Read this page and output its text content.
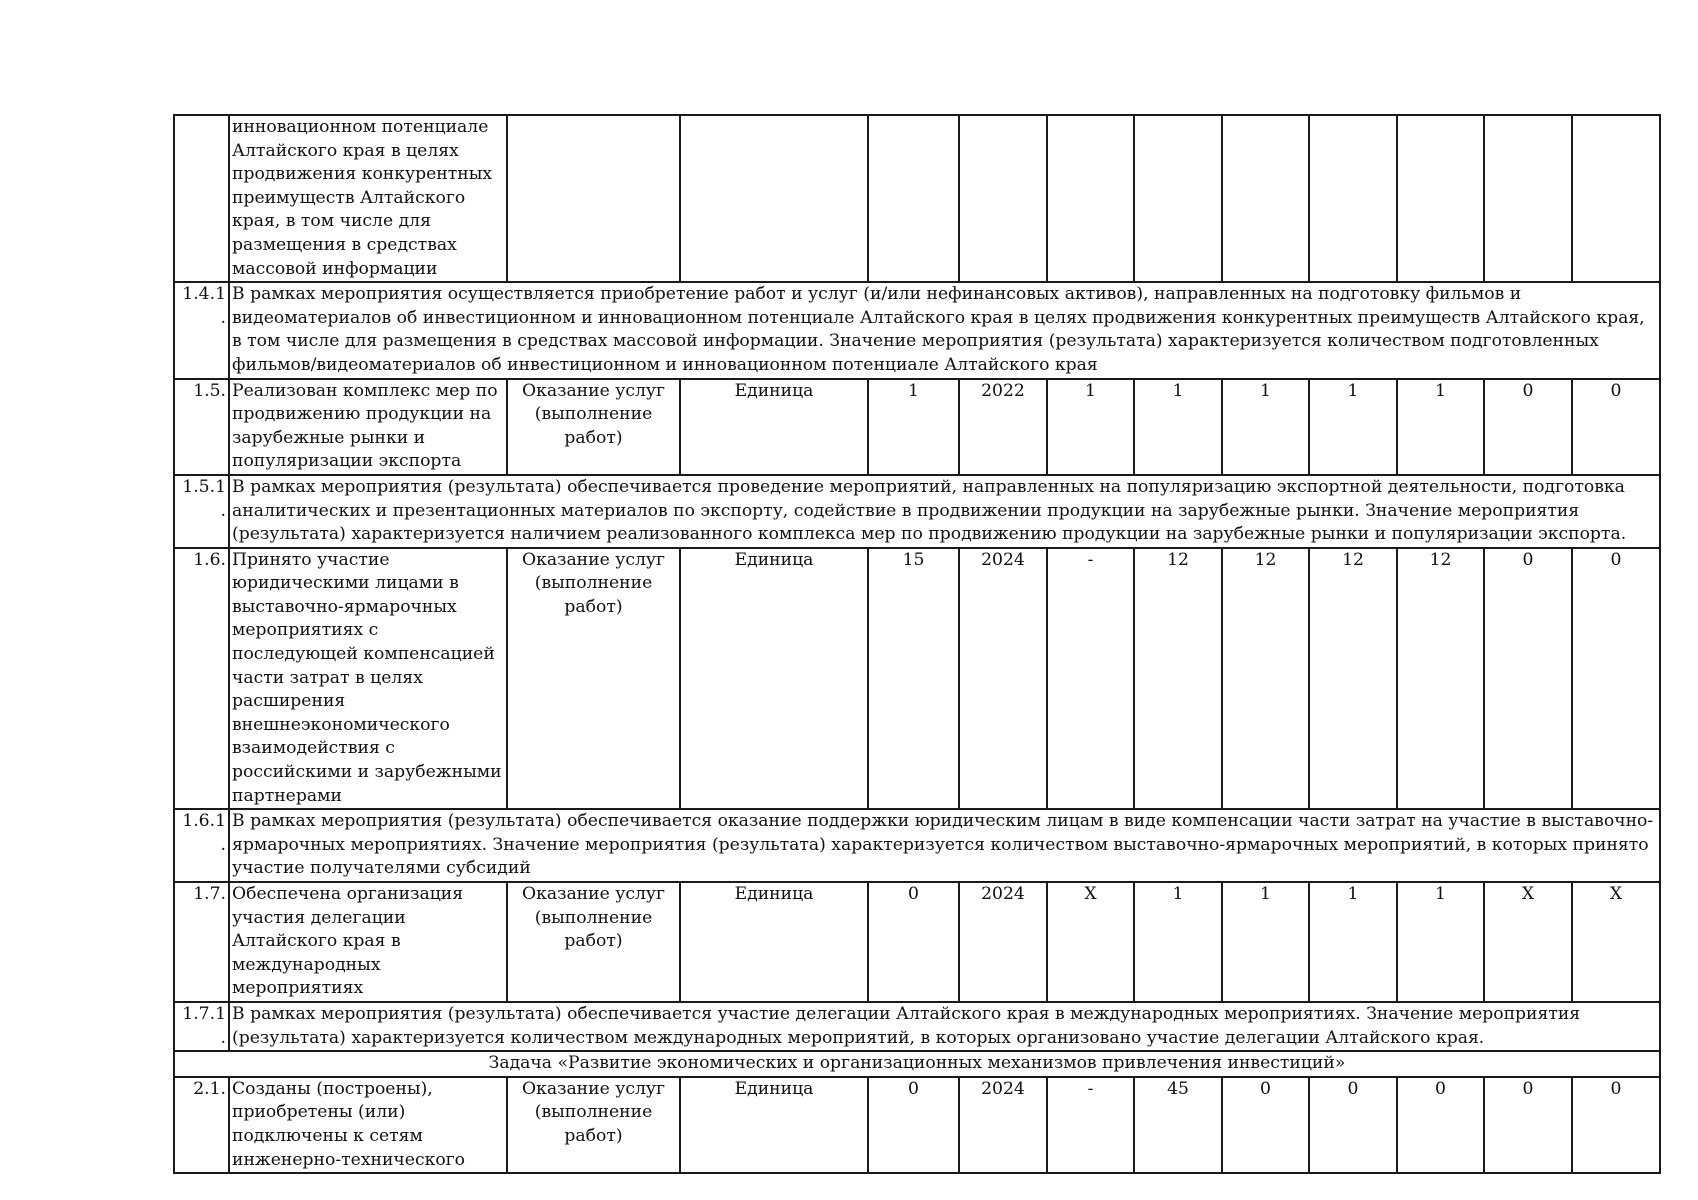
	инновационном потенциале Алтайского края в целях продвижения конкурентных преимуществ Алтайского края, в том числе для размещения в средствах массовой информации											
1.4.1.	В рамках мероприятия осуществляется приобретение работ и услуг (и/или нефинансовых активов), направленных на подготовку фильмов и видеоматериалов об инвестиционном и инновационном потенциале Алтайского края в целях продвижения конкурентных преимуществ Алтайского края, в том числе для размещения в средствах массовой информации. Значение мероприятия (результата) характеризуется количеством подготовленных фильмов/видеоматериалов об инвестиционном и инновационном потенциале Алтайского края											
1.5.	Реализован комплекс мер по продвижению продукции на зарубежные рынки и популяризации экспорта	Оказание услуг (выполнение работ)	Единица	1	2022	1	1	1	1	1	0	0
1.5.1.	В рамках мероприятия (результата) обеспечивается проведение мероприятий, направленных на популяризацию экспортной деятельности, подготовка аналитических и презентационных материалов по экспорту, содействие в продвижении продукции на зарубежные рынки. Значение мероприятия (результата) характеризуется наличием реализованного комплекса мер по продвижению продукции на зарубежные рынки и популяризации экспорта.											
1.6.	Принято участие юридическими лицами в выставочно-ярмарочных мероприятиях с последующей компенсацией части затрат в целях расширения внешнеэкономического взаимодействия с российскими и зарубежными партнерами	Оказание услуг (выполнение работ)	Единица	15	2024	-	12	12	12	12	0	0
1.6.1.	В рамках мероприятия (результата) обеспечивается оказание поддержки юридическим лицам в виде компенсации части затрат на участие в выставочно-ярмарочных мероприятиях. Значение мероприятия (результата) характеризуется количеством выставочно-ярмарочных мероприятий, в которых принято участие получателями субсидий											
1.7.	Обеспечена организация участия делегации Алтайского края в международных мероприятиях	Оказание услуг (выполнение работ)	Единица	0	2024	X	1	1	1	1	X	X
1.7.1.	В рамках мероприятия (результата) обеспечивается участие делегации Алтайского края в международных мероприятиях. Значение мероприятия (результата) характеризуется количеством международных мероприятий, в которых организовано участие делегации Алтайского края.											
Задача «Развитие экономических и организационных механизмов привлечения инвестиций»												
2.1.	Созданы (построены), приобретены (или) подключены к сетям инженерно-технического	Оказание услуг (выполнение работ)	Единица	0	2024	-	45	0	0	0	0	0
